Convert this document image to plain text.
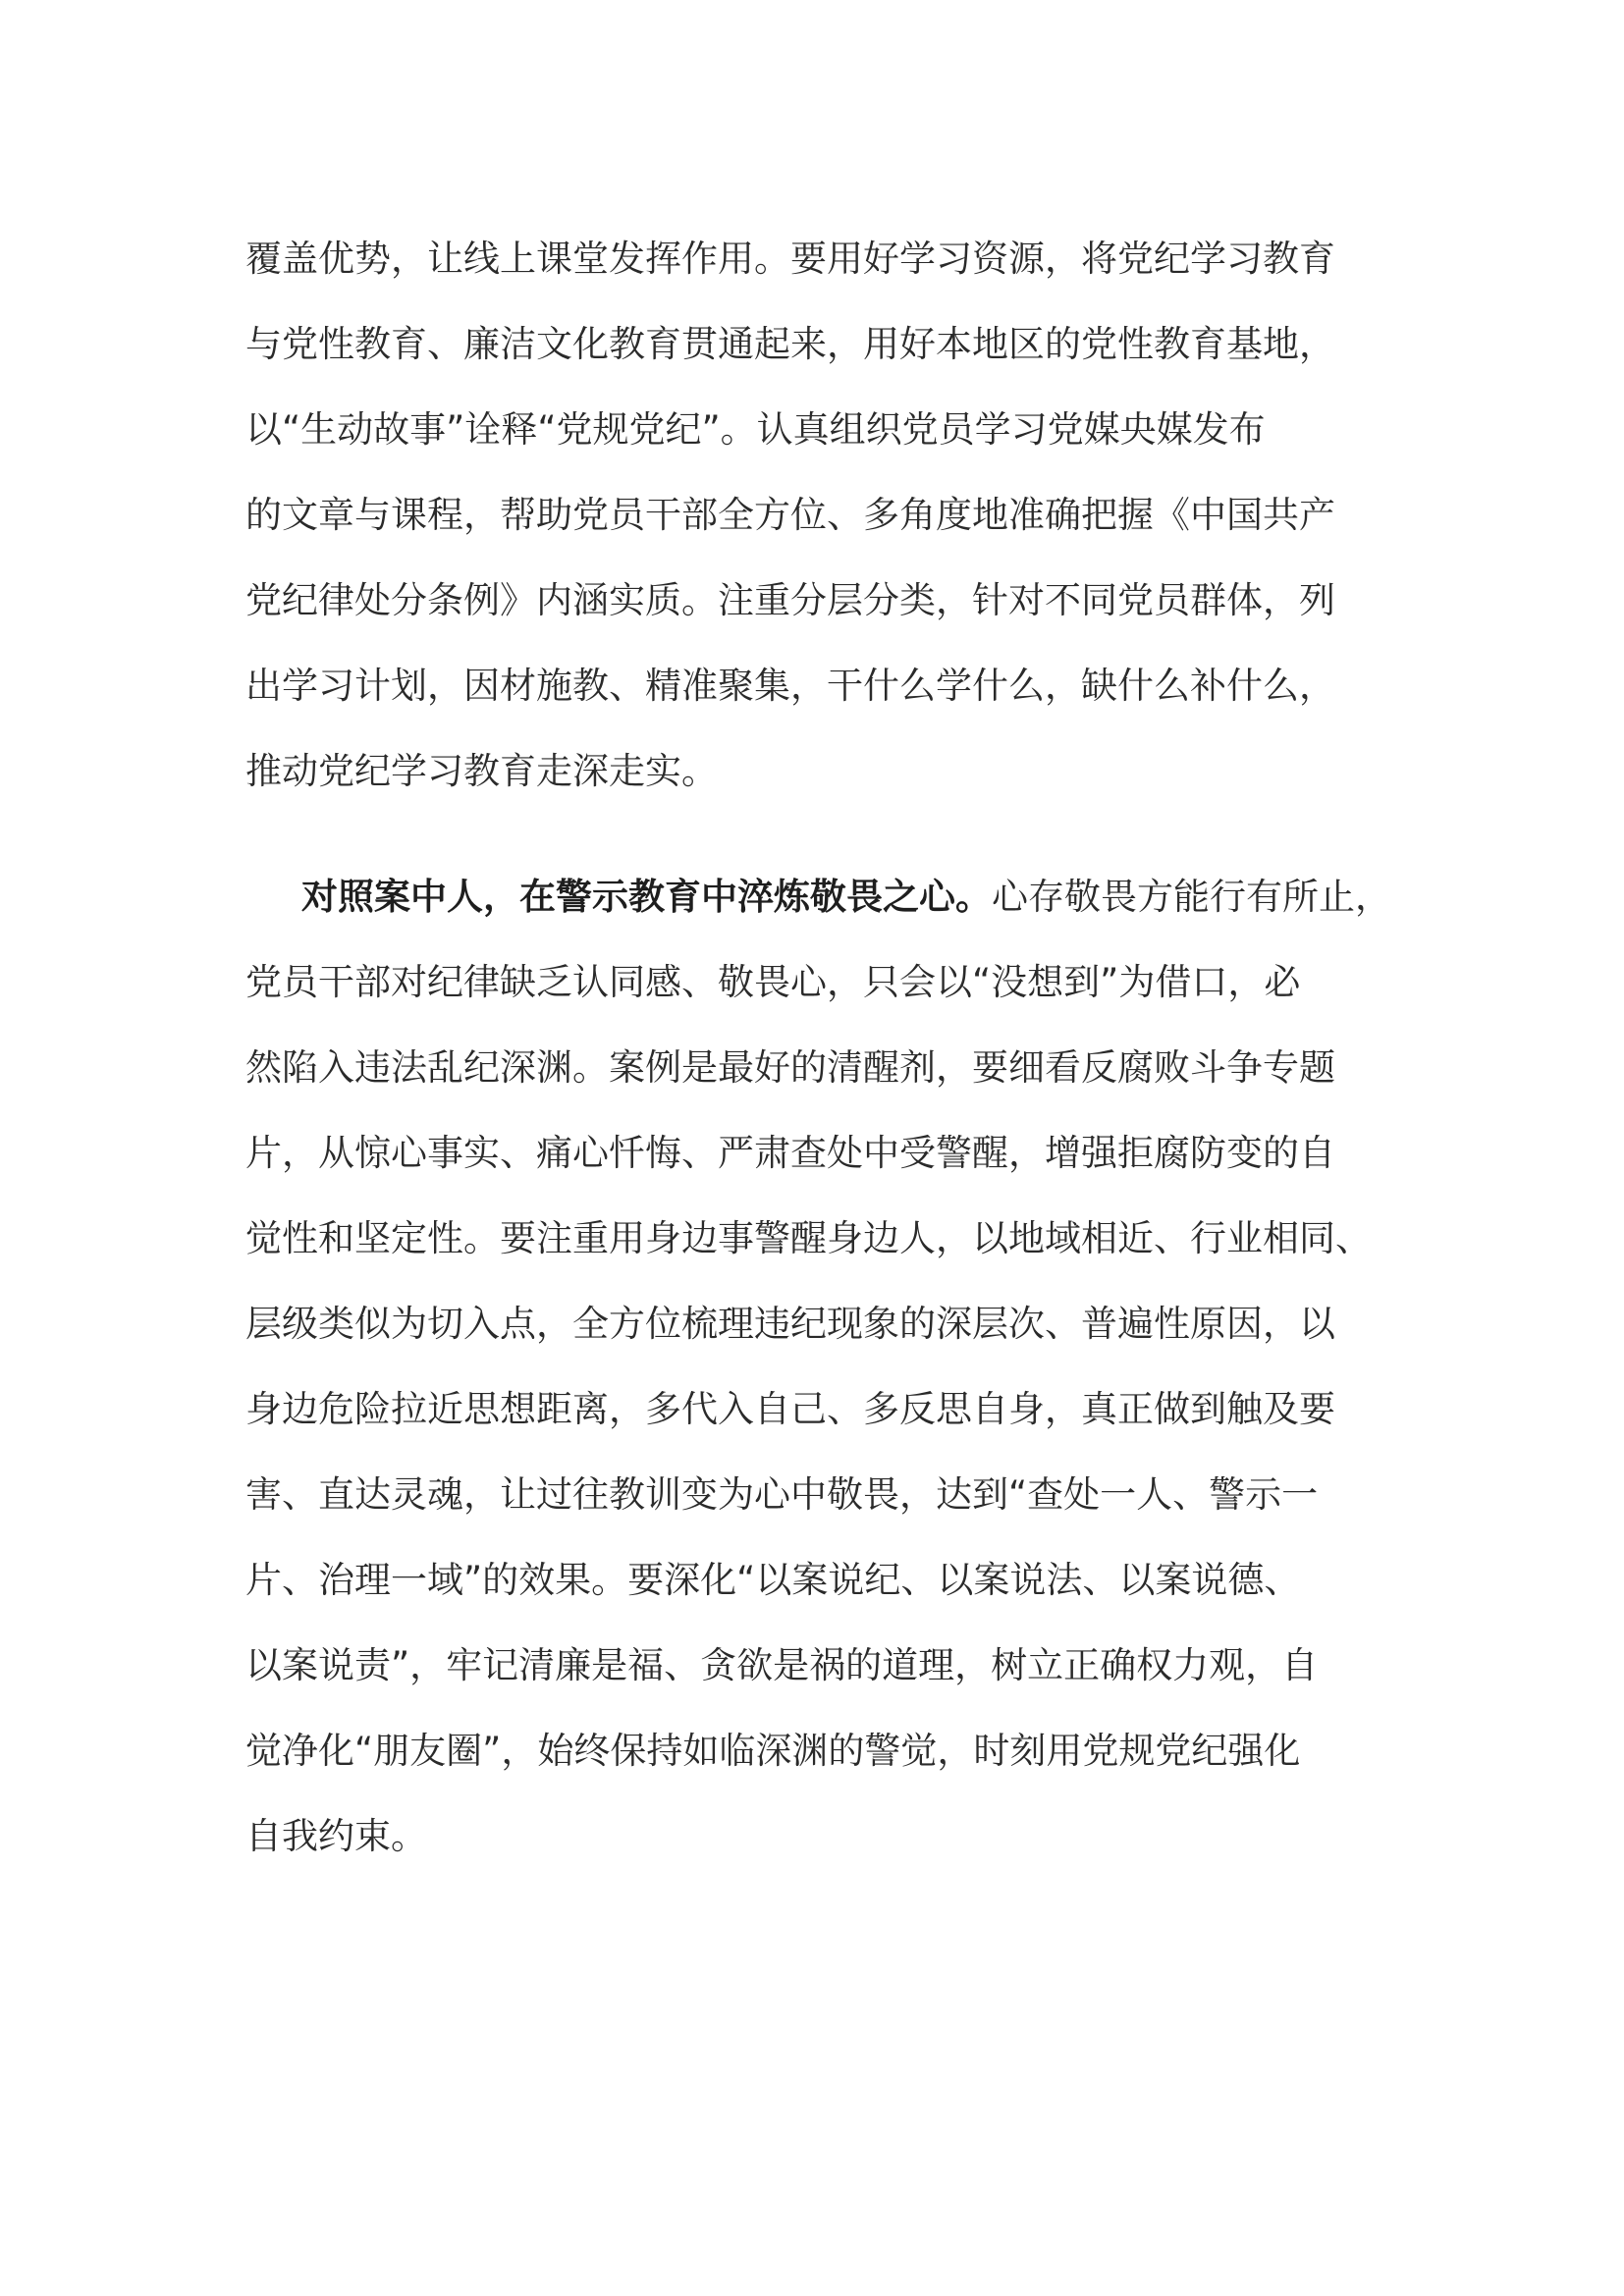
覆盖优势，让线上课堂发挥作用。要用好学习资源，将党纪学习教育
与党性教育、廉洁文化教育贯通起来，用好本地区的党性教育基地，
以“生动故事”诠释“党规党纪”。认真组织党员学习党媒央媒发布
的文章与课程，帮助党员干部全方位、多角度地准确把握《中国共产
党纪律处分条例》内涵实质。注重分层分类，针对不同党员群体，列
出学习计划，因材施教、精准聚集，干什么学什么，缺什么补什么，
推动党纪学习教育走深走实。
对照案中人，在警示教育中淬炼敬畏之心。心存敬畏方能行有所止，
党员干部对纪律缺乏认同感、敬畏心，只会以“没想到”为借口，必
然陷入违法乱纪深渊。案例是最好的清醒剂，要细看反腐败斗争专题
片，从惊心事实、痛心忏悔、严肃查处中受警醒，增强拒腐防变的自
觉性和坚定性。要注重用身边事警醒身边人，以地域相近、行业相同、
层级类似为切入点，全方位梳理违纪现象的深层次、普遍性原因，以
身边危险拉近思想距离，多代入自己、多反思自身，真正做到触及要
害、直达灵魂，让过往教训变为心中敬畏，达到“查处一人、警示一
片、治理一域”的效果。要深化“以案说纪、以案说法、以案说德、
以案说责”，牢记清廉是福、贪欲是祸的道理，树立正确权力观，自
觉净化“朋友圈”，始终保持如临深渊的警觉，时刻用党规党纪强化
自我约束。
